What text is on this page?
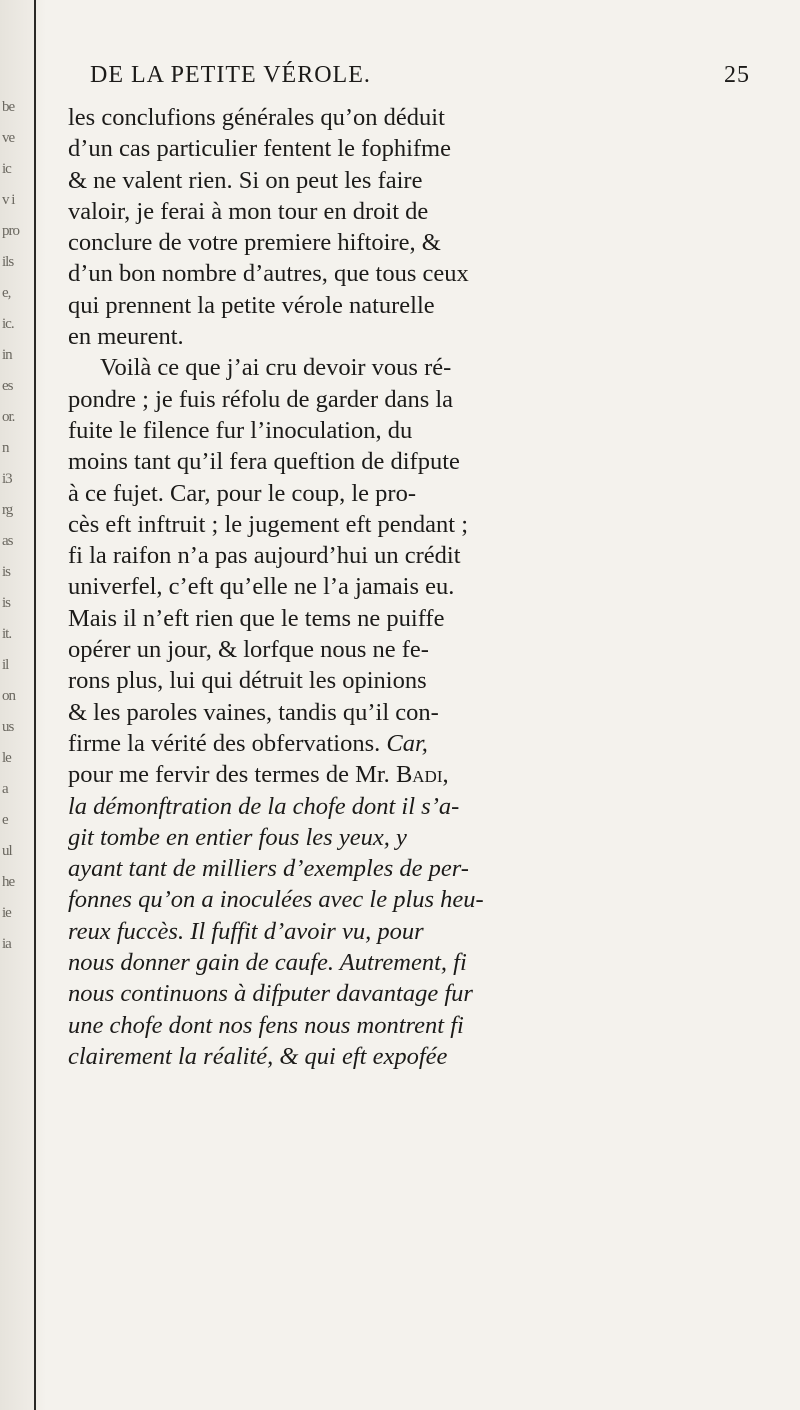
be
ve
ic
v i
pro
ils
e,
ic.
in
es
or.
n
i3
rg
as
is
is
it.
il
on
us
le
a
e
ul
he
ie
ia
DE LA PETITE VÉROLE.	25
les conclufions générales qu’on déduit
d’un cas particulier fentent le fophifme
& ne valent rien. Si on peut les faire
valoir, je ferai à mon tour en droit de
conclure de votre premiere hiftoire, &
d’un bon nombre d’autres, que tous ceux
qui prennent la petite vérole naturelle
en meurent.
Voilà ce que j’ai cru devoir vous ré-
pondre ; je fuis réfolu de garder dans la
fuite le filence fur l’inoculation, du
moins tant qu’il fera queftion de difpute
à ce fujet. Car, pour le coup, le pro-
cès eft inftruit ; le jugement eft pendant ;
fi la raifon n’a pas aujourd’hui un crédit
univerfel, c’eft qu’elle ne l’a jamais eu.
Mais il n’eft rien que le tems ne puiffe
opérer un jour, & lorfque nous ne fe-
rons plus, lui qui détruit les opinions
& les paroles vaines, tandis qu’il con-
firme la vérité des obfervations. Car,
pour me fervir des termes de Mr. Badi,
la démonftration de la chofe dont il s’a-
git tombe en entier fous les yeux, y
ayant tant de milliers d’exemples de per-
fonnes qu’on a inoculées avec le plus heu-
reux fuccès. Il fuffit d’avoir vu, pour
nous donner gain de caufe. Autrement, fi
nous continuons à difputer davantage fur
une chofe dont nos fens nous montrent fi
clairement la réalité, & qui eft expofée
